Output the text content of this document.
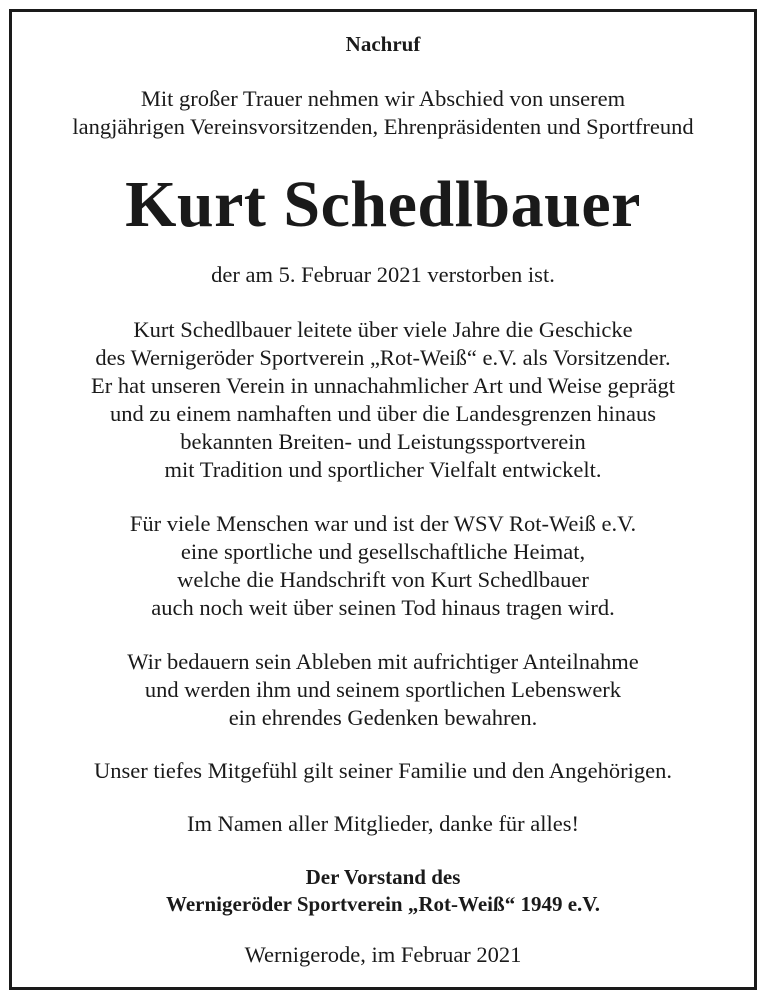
Nachruf
Mit großer Trauer nehmen wir Abschied von unserem
langjährigen Vereinsvorsitzenden, Ehrenpräsidenten und Sportfreund
Kurt Schedlbauer
der am 5. Februar 2021 verstorben ist.
Kurt Schedlbauer leitete über viele Jahre die Geschicke
des Wernigeröder Sportverein „Rot-Weiß“ e.V. als Vorsitzender.
Er hat unseren Verein in unnachahmlicher Art und Weise geprägt
und zu einem namhaften und über die Landesgrenzen hinaus
bekannten Breiten- und Leistungssportverein
mit Tradition und sportlicher Vielfalt entwickelt.
Für viele Menschen war und ist der WSV Rot-Weiß e.V.
eine sportliche und gesellschaftliche Heimat,
welche die Handschrift von Kurt Schedlbauer
auch noch weit über seinen Tod hinaus tragen wird.
Wir bedauern sein Ableben mit aufrichtiger Anteilnahme
und werden ihm und seinem sportlichen Lebenswerk
ein ehrendes Gedenken bewahren.
Unser tiefes Mitgefühl gilt seiner Familie und den Angehörigen.
Im Namen aller Mitglieder, danke für alles!
Der Vorstand des
Wernigeröder Sportverein „Rot-Weiß“ 1949 e.V.
Wernigerode, im Februar 2021
